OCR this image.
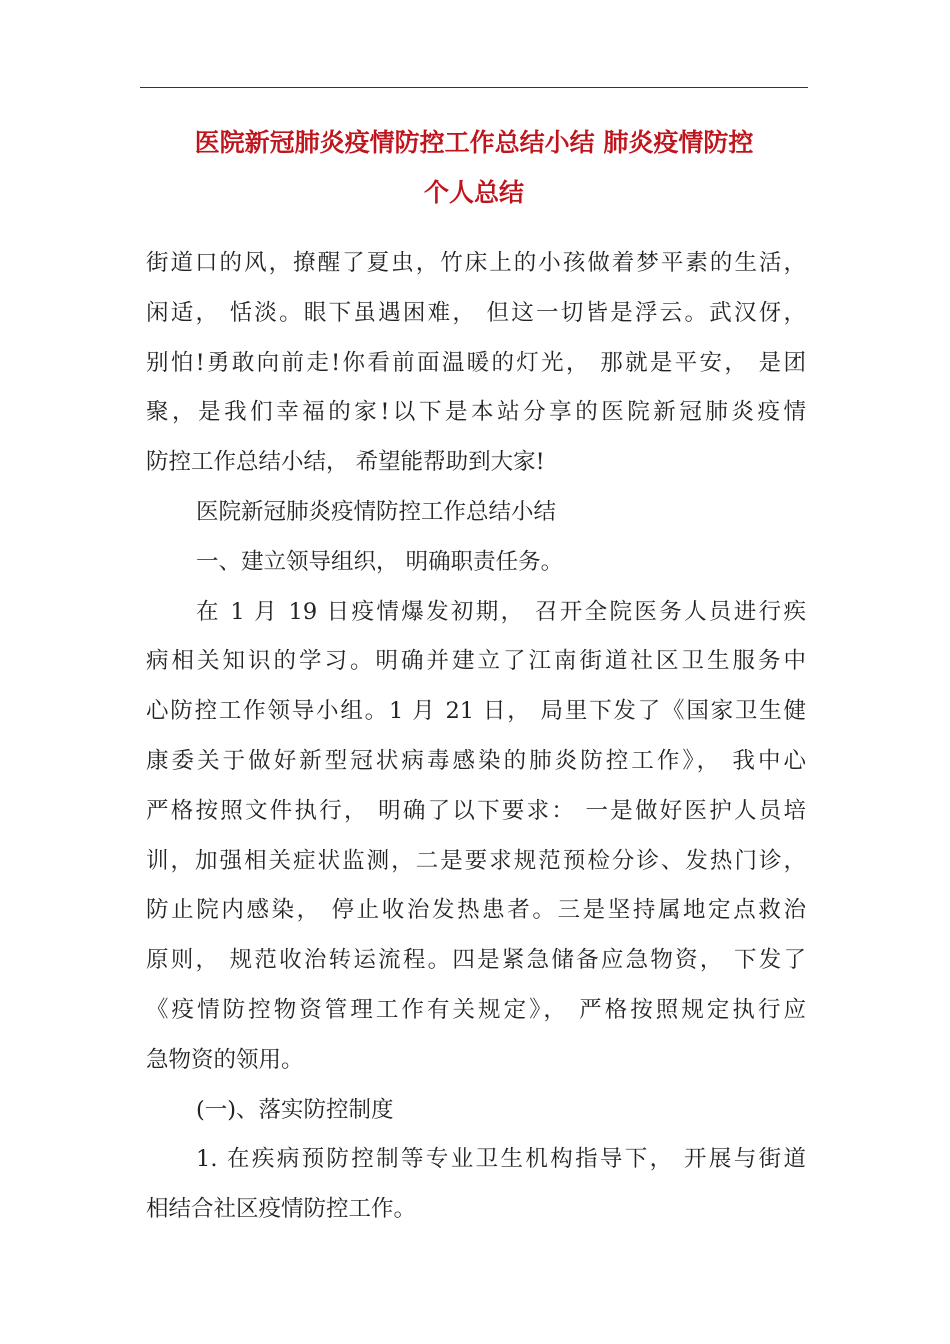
医院新冠肺炎疫情防控工作总结小结 肺炎疫情防控
个人总结
街道口的风，撩醒了夏虫，竹床上的小孩做着梦平素的生活，
闲适， 恬淡。眼下虽遇困难， 但这一切皆是浮云。武汉伢，
别怕!勇敢向前走!你看前面温暖的灯光， 那就是平安， 是团
聚，是我们幸福的家!以下是本站分享的医院新冠肺炎疫情
防控工作总结小结， 希望能帮助到大家!
医院新冠肺炎疫情防控工作总结小结
一、建立领导组织， 明确职责任务。
在 1 月 19 日疫情爆发初期， 召开全院医务人员进行疾
病相关知识的学习。明确并建立了江南街道社区卫生服务中
心防控工作领导小组。1 月 21 日， 局里下发了《国家卫生健
康委关于做好新型冠状病毒感染的肺炎防控工作》， 我中心
严格按照文件执行， 明确了以下要求： 一是做好医护人员培
训，加强相关症状监测，二是要求规范预检分诊、发热门诊，
防止院内感染， 停止收治发热患者。三是坚持属地定点救治
原则， 规范收治转运流程。四是紧急储备应急物资， 下发了
《疫情防控物资管理工作有关规定》， 严格按照规定执行应
急物资的领用。
(一)、落实防控制度
1. 在疾病预防控制等专业卫生机构指导下， 开展与街道
相结合社区疫情防控工作。
